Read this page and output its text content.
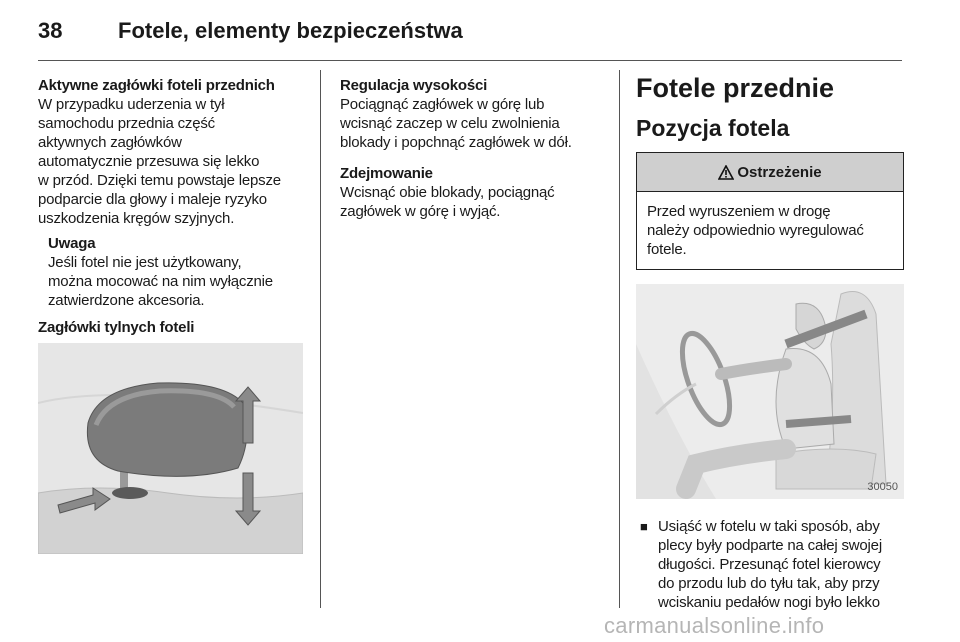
38	Fotele, elementy bezpieczeństwa

Aktywne zagłówki foteli przednich

W przypadku uderzenia w tył

samochodu przednia część

aktywnych zagłówków

automatycznie przesuwa się lekko

w przód. Dzięki temu powstaje lepsze

podparcie dla głowy i maleje ryzyko

uszkodzenia kręgów szyjnych.

Uwaga

Jeśli fotel nie jest użytkowany,

można mocować na nim wyłącznie

zatwierdzone akcesoria.

Zagłówki tylnych foteli

Regulacja wysokości

Pociągnąć zagłówek w górę lub

wcisnąć zaczep w celu zwolnienia

blokady i popchnąć zagłówek w dół.

Zdejmowanie

Wcisnąć obie blokady, pociągnąć

zagłówek w górę i wyjąć.

Fotele przednie

Pozycja fotela

Ostrzeżenie

Przed wyruszeniem w drogę

należy odpowiednio wyregulować

fotele.

30050
■ Usiąść w fotelu w taki sposób, aby

plecy były podparte na całej swojej

długości. Przesunąć fotel kierowcy

do przodu lub do tyłu tak, aby przy

wciskaniu pedałów nogi było lekko

carmanualsonline.info
